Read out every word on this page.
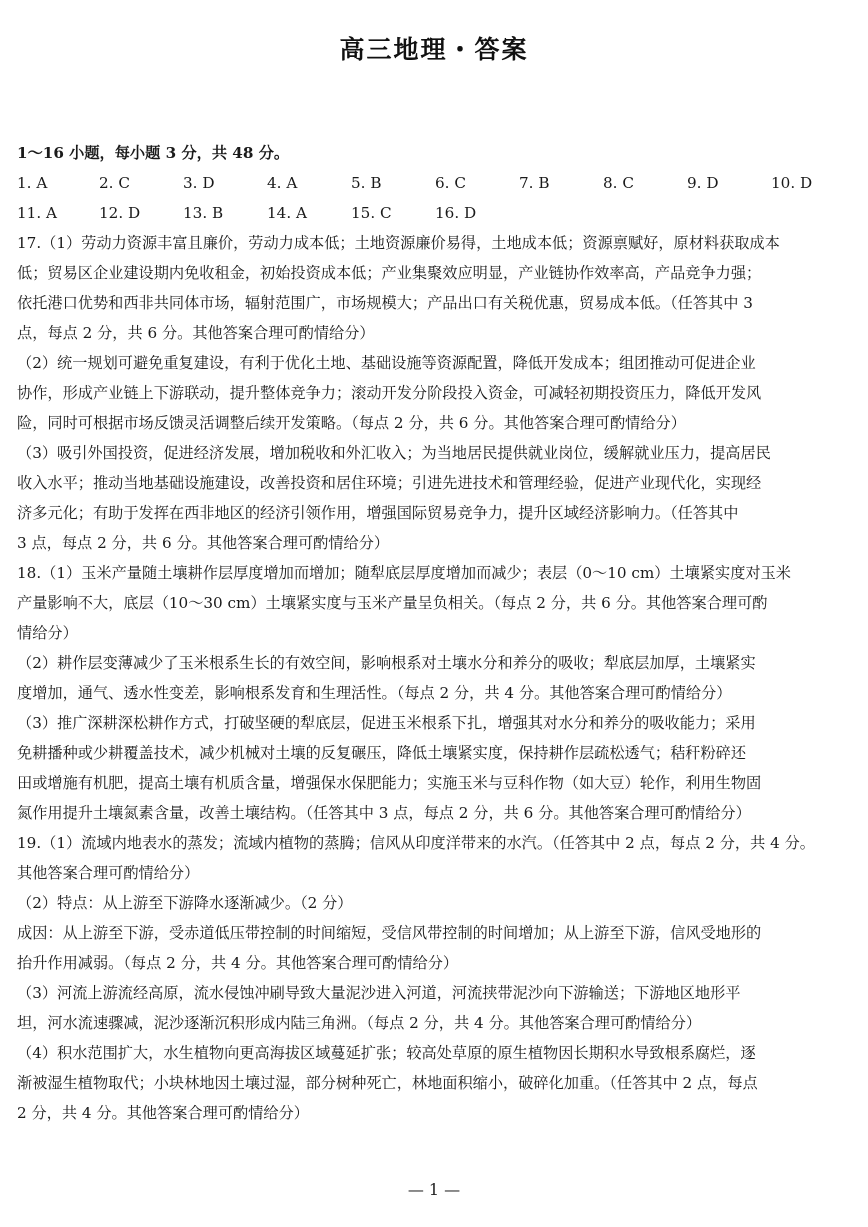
高三地理・答案
1～16 小题，每小题 3 分，共 48 分。
1. A	2. C	3. D	4. A	5. B	6. C	7. B	8. C	9. D	10. D
11. A	12. D	13. B	14. A	15. C	16. D
17.（1）劳动力资源丰富且廉价，劳动力成本低；土地资源廉价易得，土地成本低；资源禀赋好，原材料获取成本
低；贸易区企业建设期内免收租金，初始投资成本低；产业集聚效应明显，产业链协作效率高，产品竞争力强；
依托港口优势和西非共同体市场，辐射范围广，市场规模大；产品出口有关税优惠，贸易成本低。（任答其中 3
点，每点 2 分，共 6 分。其他答案合理可酌情给分）
（2）统一规划可避免重复建设，有利于优化土地、基础设施等资源配置，降低开发成本；组团推动可促进企业
协作，形成产业链上下游联动，提升整体竞争力；滚动开发分阶段投入资金，可减轻初期投资压力，降低开发风
险，同时可根据市场反馈灵活调整后续开发策略。（每点 2 分，共 6 分。其他答案合理可酌情给分）
（3）吸引外国投资，促进经济发展，增加税收和外汇收入；为当地居民提供就业岗位，缓解就业压力，提高居民
收入水平；推动当地基础设施建设，改善投资和居住环境；引进先进技术和管理经验，促进产业现代化，实现经
济多元化；有助于发挥在西非地区的经济引领作用，增强国际贸易竞争力，提升区域经济影响力。（任答其中
3 点，每点 2 分，共 6 分。其他答案合理可酌情给分）
18.（1）玉米产量随土壤耕作层厚度增加而增加；随犁底层厚度增加而减少；表层（0～10 cm）土壤紧实度对玉米
产量影响不大，底层（10～30 cm）土壤紧实度与玉米产量呈负相关。（每点 2 分，共 6 分。其他答案合理可酌
情给分）
（2）耕作层变薄减少了玉米根系生长的有效空间，影响根系对土壤水分和养分的吸收；犁底层加厚，土壤紧实
度增加，通气、透水性变差，影响根系发育和生理活性。（每点 2 分，共 4 分。其他答案合理可酌情给分）
（3）推广深耕深松耕作方式，打破坚硬的犁底层，促进玉米根系下扎，增强其对水分和养分的吸收能力；采用
免耕播种或少耕覆盖技术，减少机械对土壤的反复碾压，降低土壤紧实度，保持耕作层疏松透气；秸秆粉碎还
田或增施有机肥，提高土壤有机质含量，增强保水保肥能力；实施玉米与豆科作物（如大豆）轮作，利用生物固
氮作用提升土壤氮素含量，改善土壤结构。（任答其中 3 点，每点 2 分，共 6 分。其他答案合理可酌情给分）
19.（1）流域内地表水的蒸发；流域内植物的蒸腾；信风从印度洋带来的水汽。（任答其中 2 点，每点 2 分，共 4 分。
其他答案合理可酌情给分）
（2）特点：从上游至下游降水逐渐减少。（2 分）
成因：从上游至下游，受赤道低压带控制的时间缩短，受信风带控制的时间增加；从上游至下游，信风受地形的
抬升作用减弱。（每点 2 分，共 4 分。其他答案合理可酌情给分）
（3）河流上游流经高原，流水侵蚀冲刷导致大量泥沙进入河道，河流挟带泥沙向下游输送；下游地区地形平
坦，河水流速骤减，泥沙逐渐沉积形成内陆三角洲。（每点 2 分，共 4 分。其他答案合理可酌情给分）
（4）积水范围扩大，水生植物向更高海拔区域蔓延扩张；较高处草原的原生植物因长期积水导致根系腐烂，逐
渐被湿生植物取代；小块林地因土壤过湿，部分树种死亡，林地面积缩小，破碎化加重。（任答其中 2 点，每点
2 分，共 4 分。其他答案合理可酌情给分）
— 1 —
